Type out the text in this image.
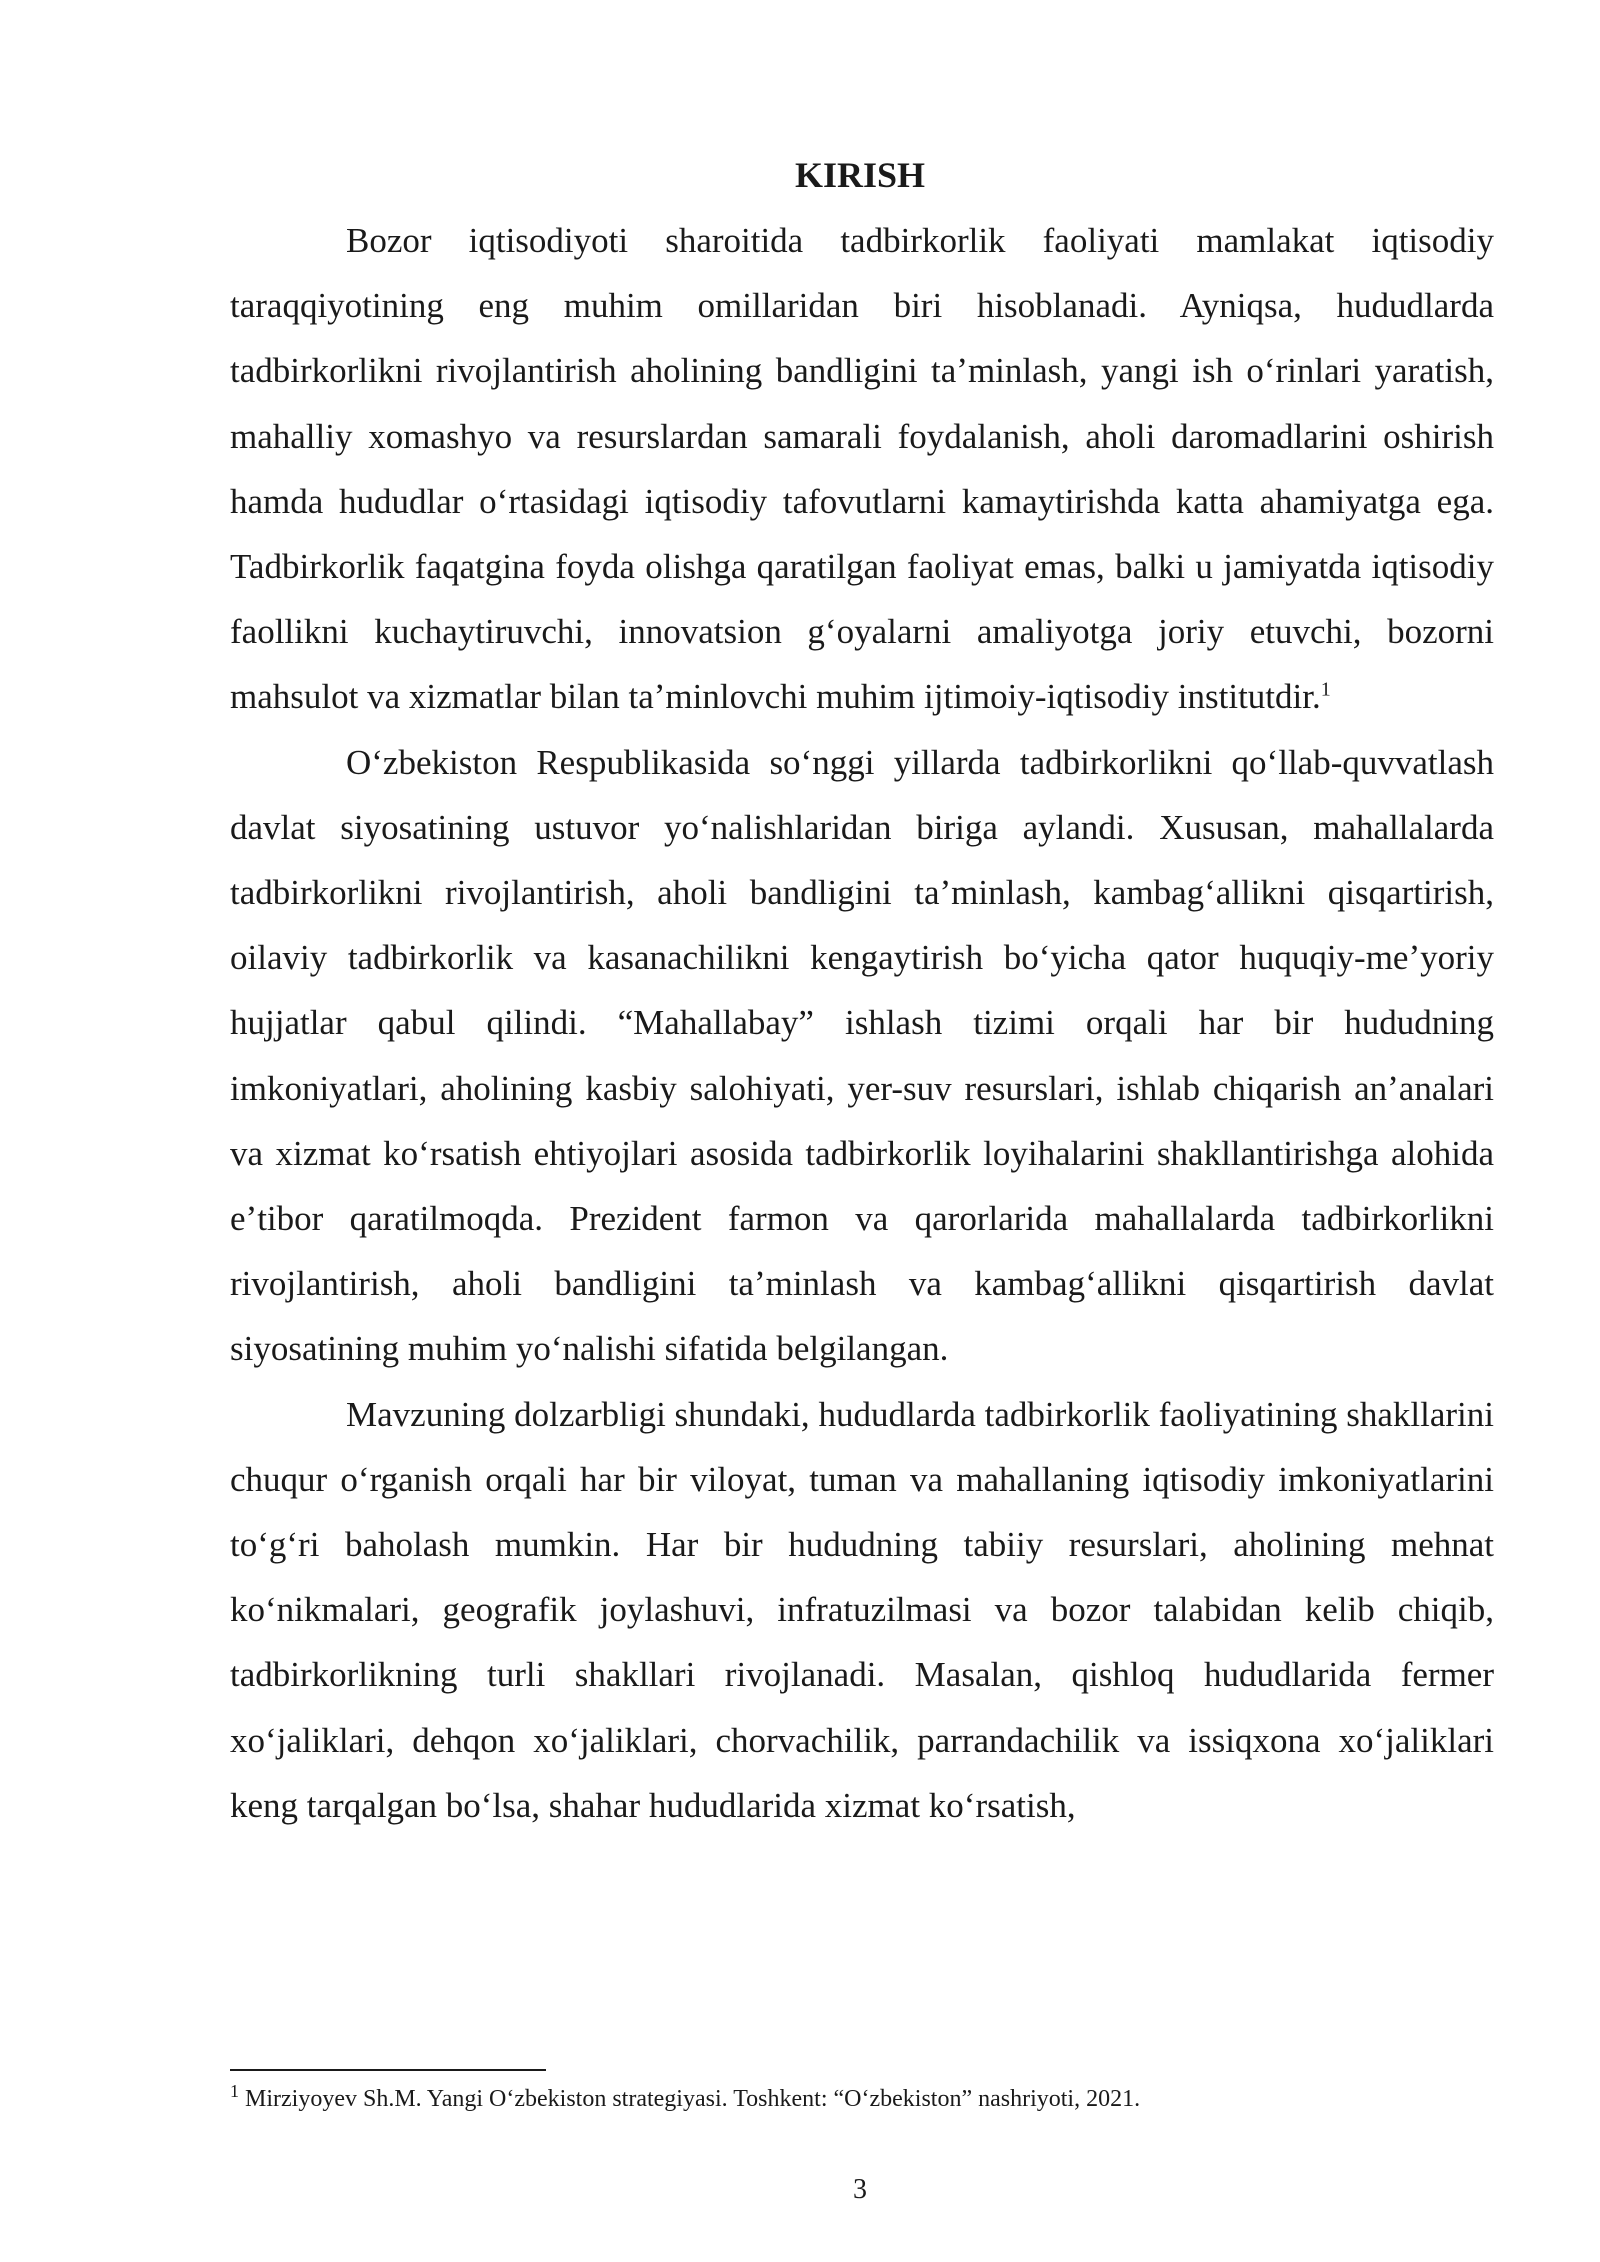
KIRISH

Bozor iqtisodiyoti sharoitida tadbirkorlik faoliyati mamlakat iqtisodiy taraqqiyotining eng muhim omillaridan biri hisoblanadi. Ayniqsa, hududlarda tadbirkorlikni rivojlantirish aholining bandligini taʼminlash, yangi ish oʻrinlari yaratish, mahalliy xomashyo va resurslardan samarali foydalanish, aholi daromadlarini oshirish hamda hududlar oʻrtasidagi iqtisodiy tafovutlarni kamaytirishda katta ahamiyatga ega. Tadbirkorlik faqatgina foyda olishga qaratilgan faoliyat emas, balki u jamiyatda iqtisodiy faollikni kuchaytiruvchi, innovatsion gʻoyalarni amaliyotga joriy etuvchi, bozorni mahsulot va xizmatlar bilan taʼminlovchi muhim ijtimoiy-iqtisodiy institutdir.$^1$

Oʻzbekiston Respublikasida soʻnggi yillarda tadbirkorlikni qoʻllab-quvvatlash davlat siyosatining ustuvor yoʻnalishlaridan biriga aylandi. Xususan, mahallalarda tadbirkorlikni rivojlantirish, aholi bandligini taʼminlash, kambagʻallikni qisqartirish, oilaviy tadbirkorlik va kasanachilikni kengaytirish boʻyicha qator huquqiy-meʼyoriy hujjatlar qabul qilindi. “Mahallabay” ishlash tizimi orqali har bir hududning imkoniyatlari, aholining kasbiy salohiyati, yer-suv resurslari, ishlab chiqarish anʼanalari va xizmat koʻrsatish ehtiyojlari asosida tadbirkorlik loyihalarini shakllantirishga alohida eʼtibor qaratilmoqda. Prezident farmon va qarorlarida mahallalarda tadbirkorlikni rivojlantirish, aholi bandligini taʼminlash va kambagʻallikni qisqartirish davlat siyosatining muhim yoʻnalishi sifatida belgilangan.

Mavzuning dolzarbligi shundaki, hududlarda tadbirkorlik faoliyatining shakllarini chuqur oʻrganish orqali har bir viloyat, tuman va mahallaning iqtisodiy imkoniyatlarini toʻgʻri baholash mumkin. Har bir hududning tabiiy resurslari, aholining mehnat koʻnikmalari, geografik joylashuvi, infratuzilmasi va bozor talabidan kelib chiqib, tadbirkorlikning turli shakllari rivojlanadi. Masalan, qishloq hududlarida fermer xoʻjaliklari, dehqon xoʻjaliklari, chorvachilik, parrandachilik va issiqxona xoʻjaliklari keng tarqalgan boʻlsa, shahar hududlarida xizmat koʻrsatish,

$^1$ Mirziyoyev Sh.M. Yangi Oʻzbekiston strategiyasi. Toshkent: “Oʻzbekiston” nashriyoti, 2021.
3
